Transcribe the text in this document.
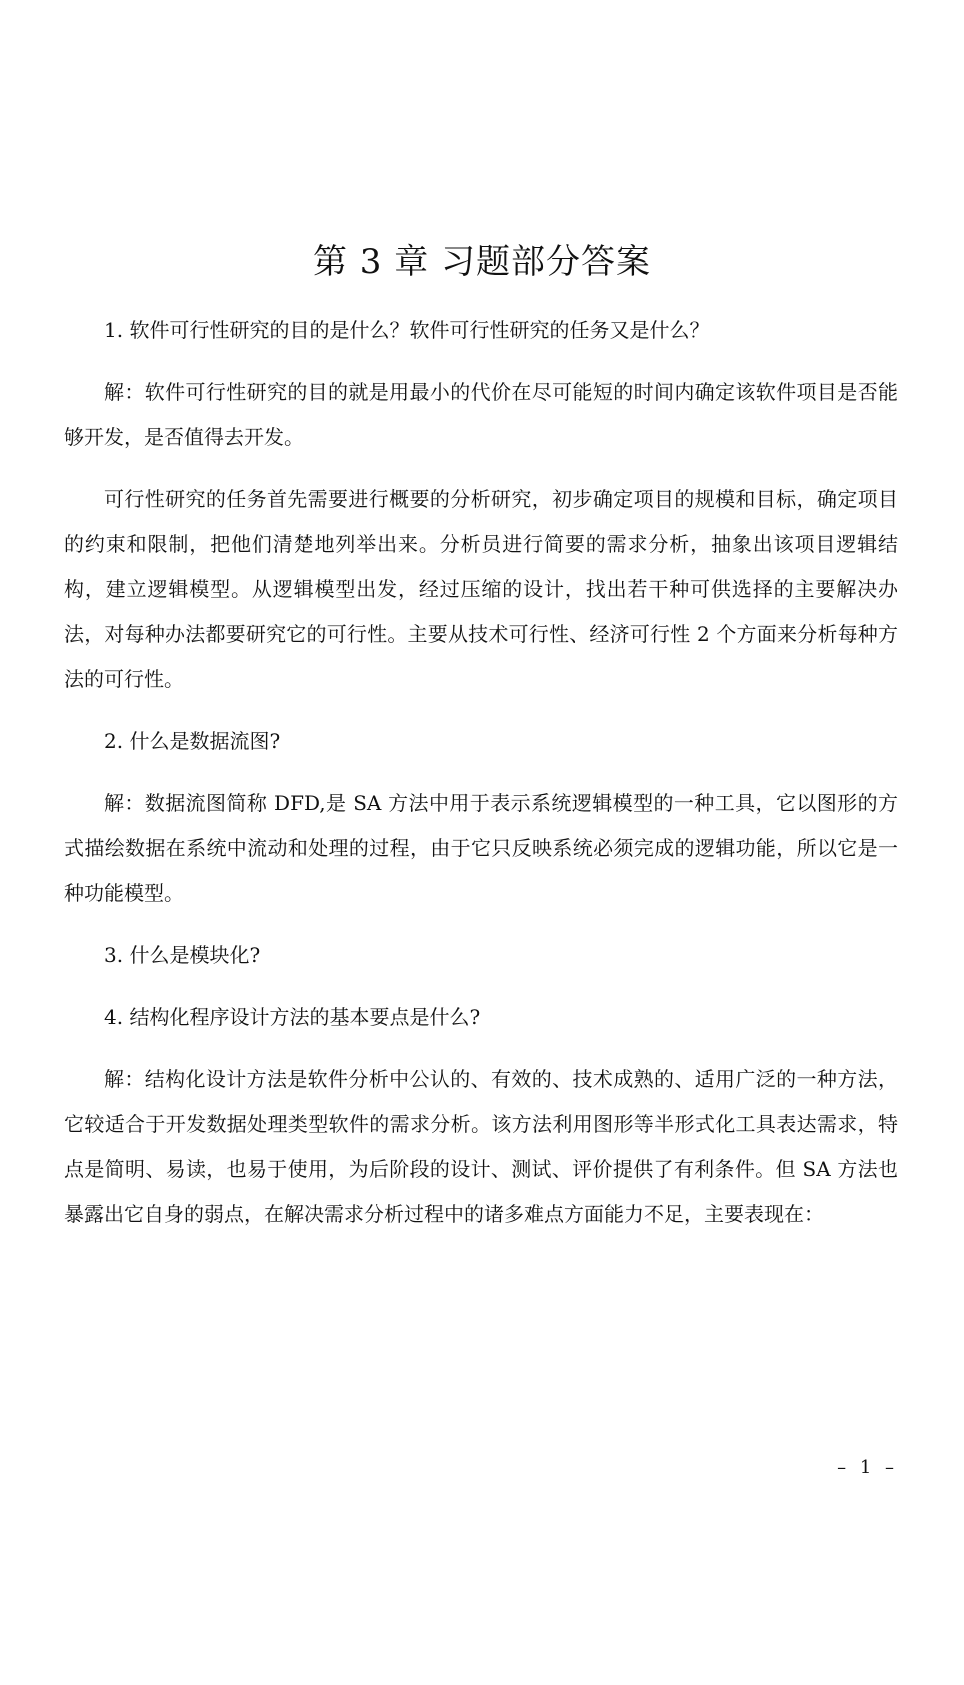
第 3 章 习题部分答案

1. 软件可行性研究的目的是什么？软件可行性研究的任务又是什么？

解：软件可行性研究的目的就是用最小的代价在尽可能短的时间内确定该软件项目是否能够开发，是否值得去开发。

可行性研究的任务首先需要进行概要的分析研究，初步确定项目的规模和目标，确定项目的约束和限制，把他们清楚地列举出来。分析员进行简要的需求分析，抽象出该项目逻辑结构，建立逻辑模型。从逻辑模型出发，经过压缩的设计，找出若干种可供选择的主要解决办法，对每种办法都要研究它的可行性。主要从技术可行性、经济可行性 2 个方面来分析每种方法的可行性。

2. 什么是数据流图?

解：数据流图简称 DFD,是 SA 方法中用于表示系统逻辑模型的一种工具，它以图形的方式描绘数据在系统中流动和处理的过程，由于它只反映系统必须完成的逻辑功能，所以它是一种功能模型。

3. 什么是模块化?

4. 结构化程序设计方法的基本要点是什么?

解：结构化设计方法是软件分析中公认的、有效的、技术成熟的、适用广泛的一种方法，它较适合于开发数据处理类型软件的需求分析。该方法利用图形等半形式化工具表达需求，特点是简明、易读，也易于使用，为后阶段的设计、测试、评价提供了有利条件。但 SA 方法也暴露出它自身的弱点，在解决需求分析过程中的诸多难点方面能力不足，主要表现在：

– 1 –
